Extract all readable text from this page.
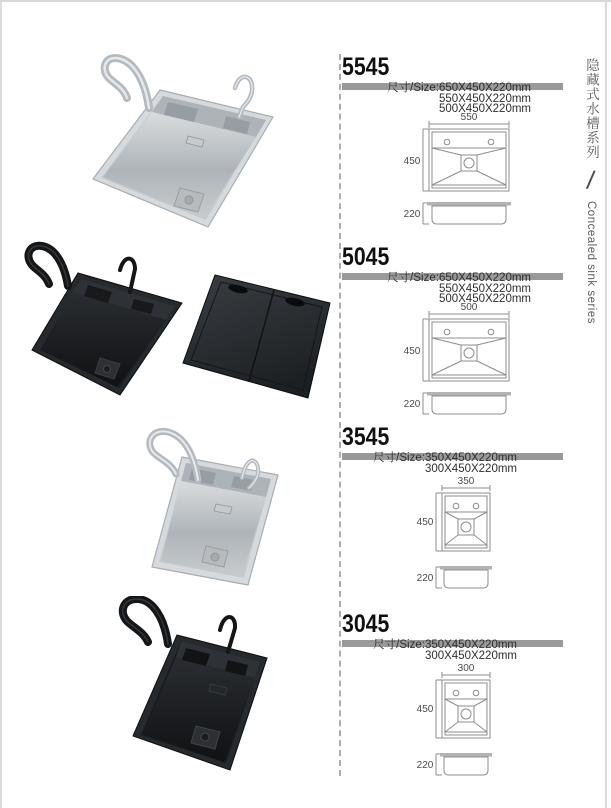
5545
尺寸/Size:650X450X220mm
550X450X220mm
500X450X220mm
550
450
220
5045
尺寸/Size:650X450X220mm
550X450X220mm
500X450X220mm
500
450
220
3545
尺寸/Size:350X450X220mm
300X450X220mm
350
450
220
3045
尺寸/Size:350X450X220mm
300X450X220mm
300
450
220
隐藏式水槽系列
/
Concealed sink series
